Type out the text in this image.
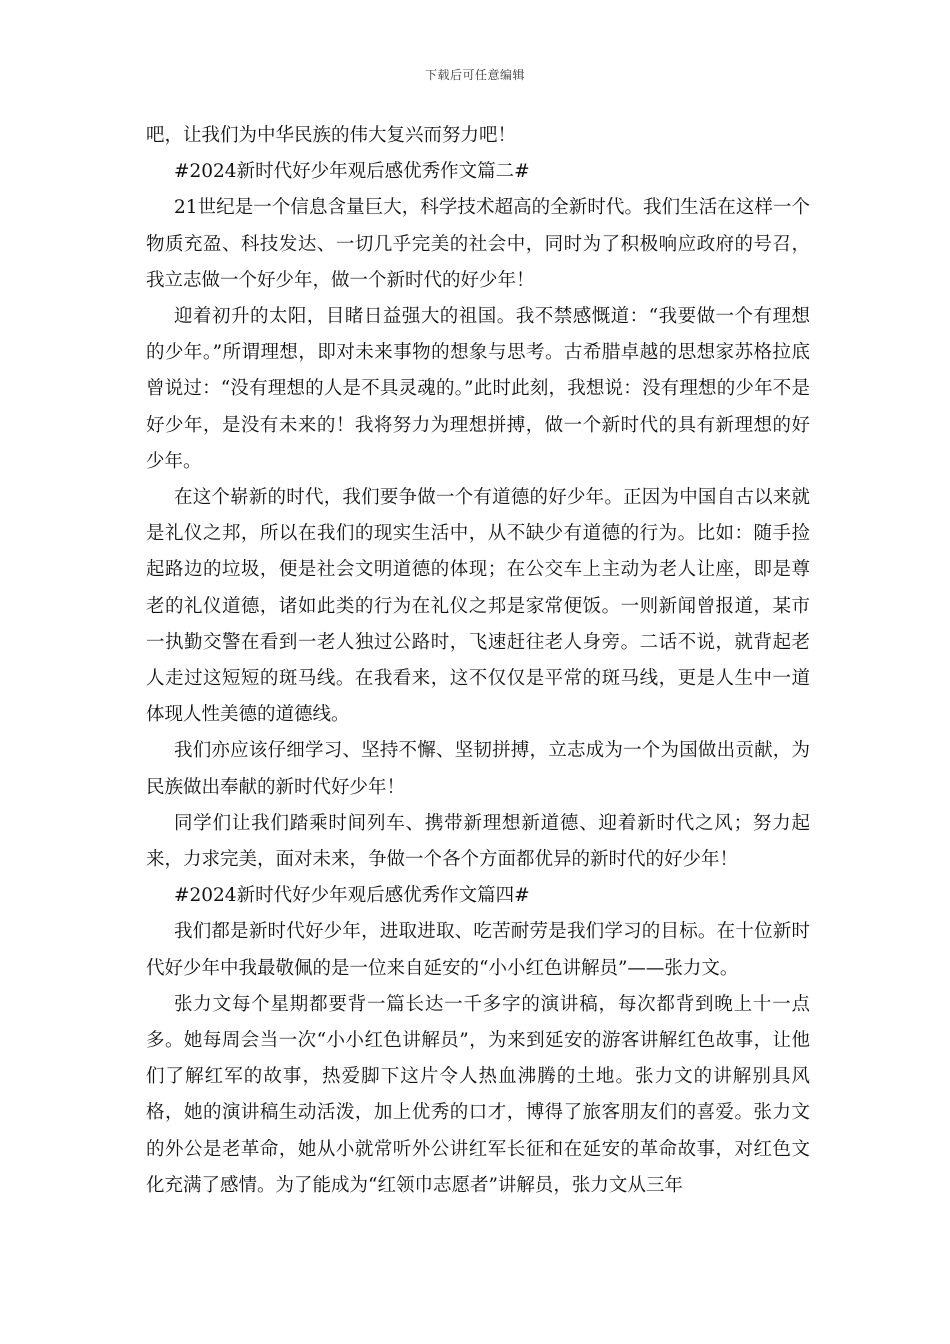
下载后可任意编辑

吧，让我们为中华民族的伟大复兴而努力吧！

#2024新时代好少年观后感优秀作文篇二#

21世纪是一个信息含量巨大，科学技术超高的全新时代。我们生活在这样一个物质充盈、科技发达、一切几乎完美的社会中，同时为了积极响应政府的号召，我立志做一个好少年，做一个新时代的好少年！

迎着初升的太阳，目睹日益强大的祖国。我不禁感慨道：“我要做一个有理想的少年。”所谓理想，即对未来事物的想象与思考。古希腊卓越的思想家苏格拉底曾说过：“没有理想的人是不具灵魂的。”此时此刻，我想说：没有理想的少年不是好少年，是没有未来的！我将努力为理想拼搏，做一个新时代的具有新理想的好少年。

在这个崭新的时代，我们要争做一个有道德的好少年。正因为中国自古以来就是礼仪之邦，所以在我们的现实生活中，从不缺少有道德的行为。比如：随手捡起路边的垃圾，便是社会文明道德的体现；在公交车上主动为老人让座，即是尊老的礼仪道德，诸如此类的行为在礼仪之邦是家常便饭。一则新闻曾报道，某市一执勤交警在看到一老人独过公路时，飞速赶往老人身旁。二话不说，就背起老人走过这短短的斑马线。在我看来，这不仅仅是平常的斑马线，更是人生中一道体现人性美德的道德线。

我们亦应该仔细学习、坚持不懈、坚韧拼搏，立志成为一个为国做出贡献，为民族做出奉献的新时代好少年！

同学们让我们踏乘时间列车、携带新理想新道德、迎着新时代之风；努力起来，力求完美，面对未来，争做一个各个方面都优异的新时代的好少年！

#2024新时代好少年观后感优秀作文篇四#

我们都是新时代好少年，进取进取、吃苦耐劳是我们学习的目标。在十位新时代好少年中我最敬佩的是一位来自延安的“小小红色讲解员”——张力文。

张力文每个星期都要背一篇长达一千多字的演讲稿，每次都背到晚上十一点多。她每周会当一次“小小红色讲解员”，为来到延安的游客讲解红色故事，让他们了解红军的故事，热爱脚下这片令人热血沸腾的土地。张力文的讲解别具风格，她的演讲稿生动活泼，加上优秀的口才，博得了旅客朋友们的喜爱。张力文的外公是老革命，她从小就常听外公讲红军长征和在延安的革命故事，对红色文化充满了感情。为了能成为“红领巾志愿者”讲解员，张力文从三年
